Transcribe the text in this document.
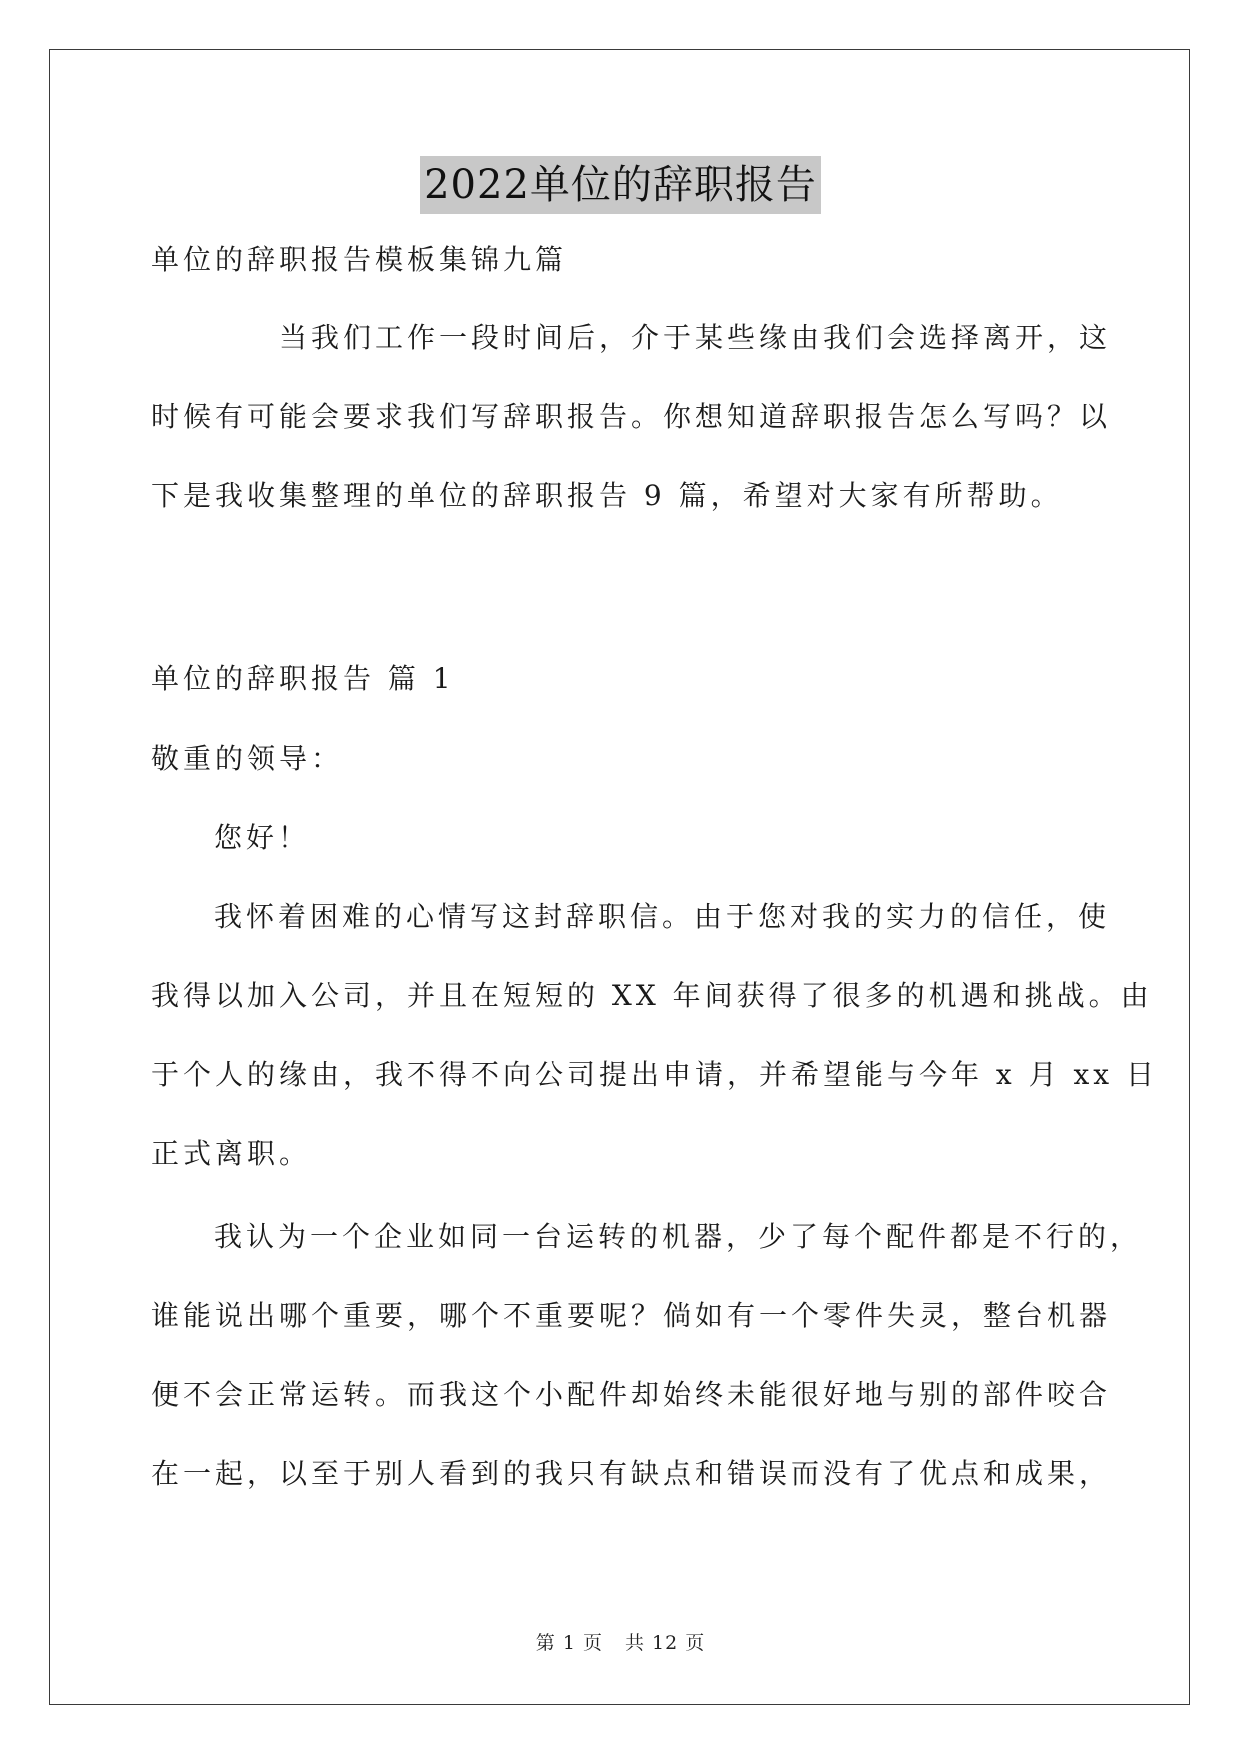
2022单位的辞职报告
单位的辞职报告模板集锦九篇
当我们工作一段时间后，介于某些缘由我们会选择离开，这
时候有可能会要求我们写辞职报告。你想知道辞职报告怎么写吗？以
下是我收集整理的单位的辞职报告 9 篇，希望对大家有所帮助。
单位的辞职报告 篇 1
敬重的领导：
您好！
我怀着困难的心情写这封辞职信。由于您对我的实力的信任，使
我得以加入公司，并且在短短的 XX 年间获得了很多的机遇和挑战。由
于个人的缘由，我不得不向公司提出申请，并希望能与今年 x 月 xx 日
正式离职。
我认为一个企业如同一台运转的机器，少了每个配件都是不行的，
谁能说出哪个重要，哪个不重要呢？倘如有一个零件失灵，整台机器
便不会正常运转。而我这个小配件却始终未能很好地与别的部件咬合
在一起，以至于别人看到的我只有缺点和错误而没有了优点和成果，
第 1 页 共 12 页
